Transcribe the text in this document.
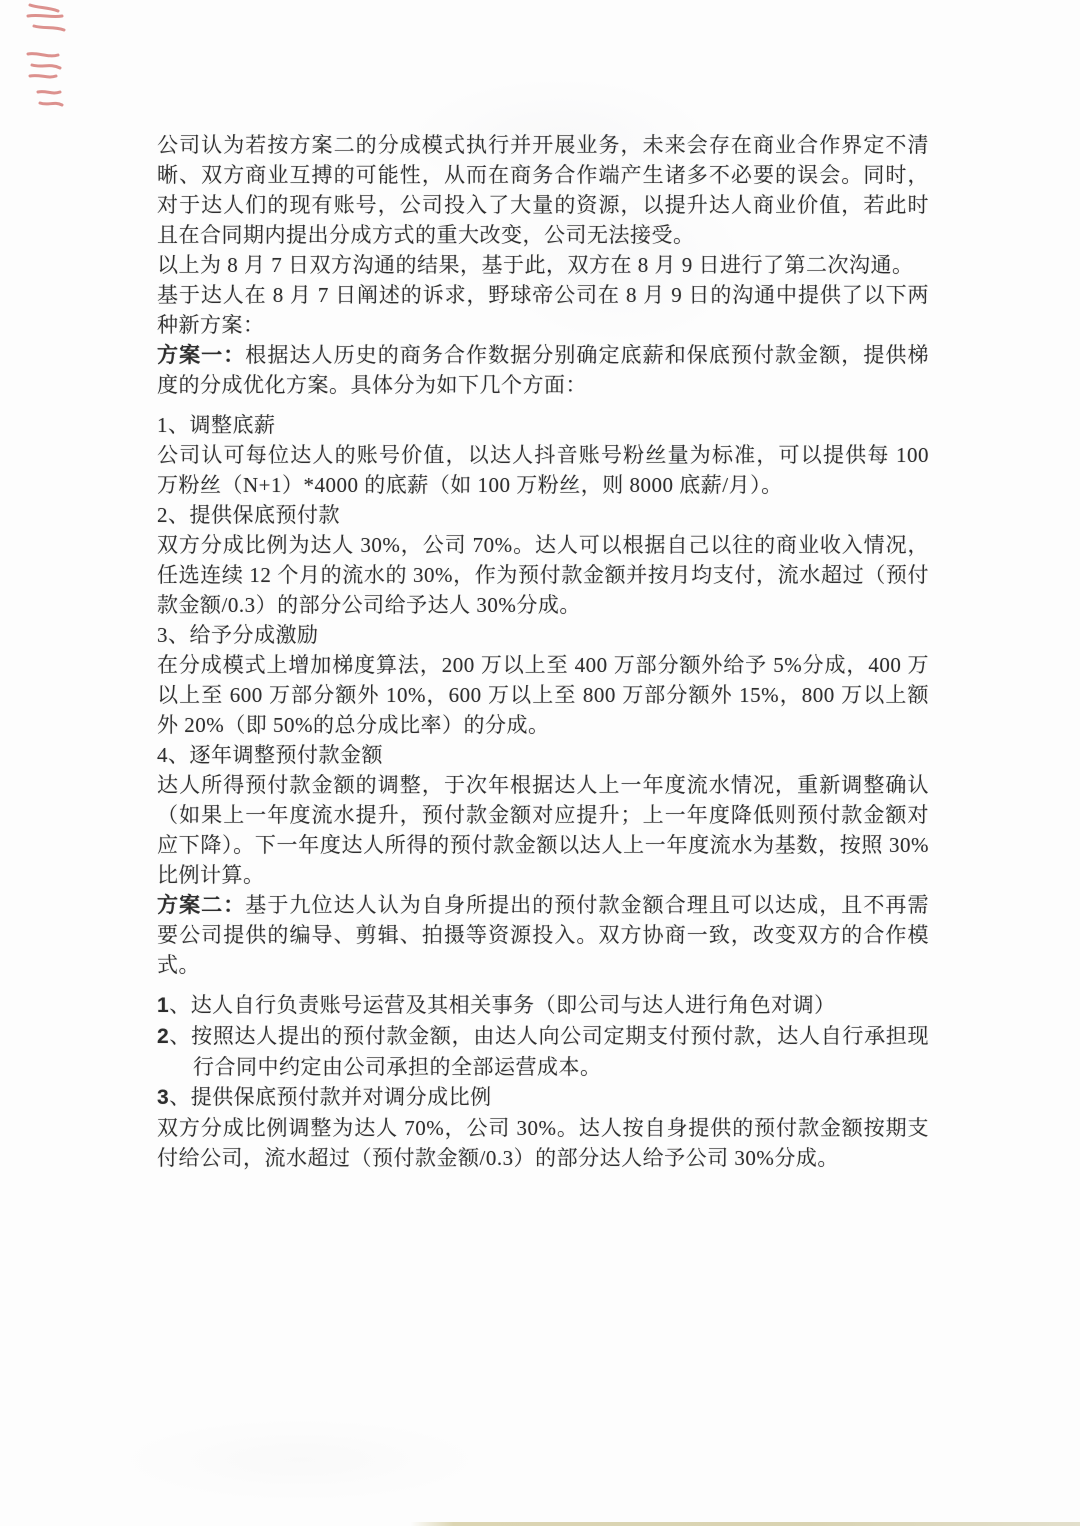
公司认为若按方案二的分成模式执行并开展业务，未来会存在商业合作界定不清晰、双方商业互搏的可能性，从而在商务合作端产生诸多不必要的误会。同时，对于达人们的现有账号，公司投入了大量的资源，以提升达人商业价值，若此时且在合同期内提出分成方式的重大改变，公司无法接受。

以上为 8 月 7 日双方沟通的结果，基于此，双方在 8 月 9 日进行了第二次沟通。

基于达人在 8 月 7 日阐述的诉求，野球帝公司在 8 月 9 日的沟通中提供了以下两种新方案：

方案一：根据达人历史的商务合作数据分别确定底薪和保底预付款金额，提供梯度的分成优化方案。具体分为如下几个方面：

1、调整底薪

公司认可每位达人的账号价值，以达人抖音账号粉丝量为标准，可以提供每 100 万粉丝（N+1）*4000 的底薪（如 100 万粉丝，则 8000 底薪/月）。

2、提供保底预付款

双方分成比例为达人 30%，公司 70%。达人可以根据自己以往的商业收入情况，任选连续 12 个月的流水的 30%，作为预付款金额并按月均支付，流水超过（预付款金额/0.3）的部分公司给予达人 30%分成。

3、给予分成激励

在分成模式上增加梯度算法，200 万以上至 400 万部分额外给予 5%分成，400 万以上至 600 万部分额外 10%，600 万以上至 800 万部分额外 15%，800 万以上额外 20%（即 50%的总分成比率）的分成。

4、逐年调整预付款金额

达人所得预付款金额的调整，于次年根据达人上一年度流水情况，重新调整确认（如果上一年度流水提升，预付款金额对应提升；上一年度降低则预付款金额对应下降）。下一年度达人所得的预付款金额以达人上一年度流水为基数，按照 30%比例计算。

方案二：基于九位达人认为自身所提出的预付款金额合理且可以达成，且不再需要公司提供的编导、剪辑、拍摄等资源投入。双方协商一致，改变双方的合作模式。

1、达人自行负责账号运营及其相关事务（即公司与达人进行角色对调）

2、按照达人提出的预付款金额，由达人向公司定期支付预付款，达人自行承担现行合同中约定由公司承担的全部运营成本。

3、提供保底预付款并对调分成比例

双方分成比例调整为达人 70%，公司 30%。达人按自身提供的预付款金额按期支付给公司，流水超过（预付款金额/0.3）的部分达人给予公司 30%分成。
